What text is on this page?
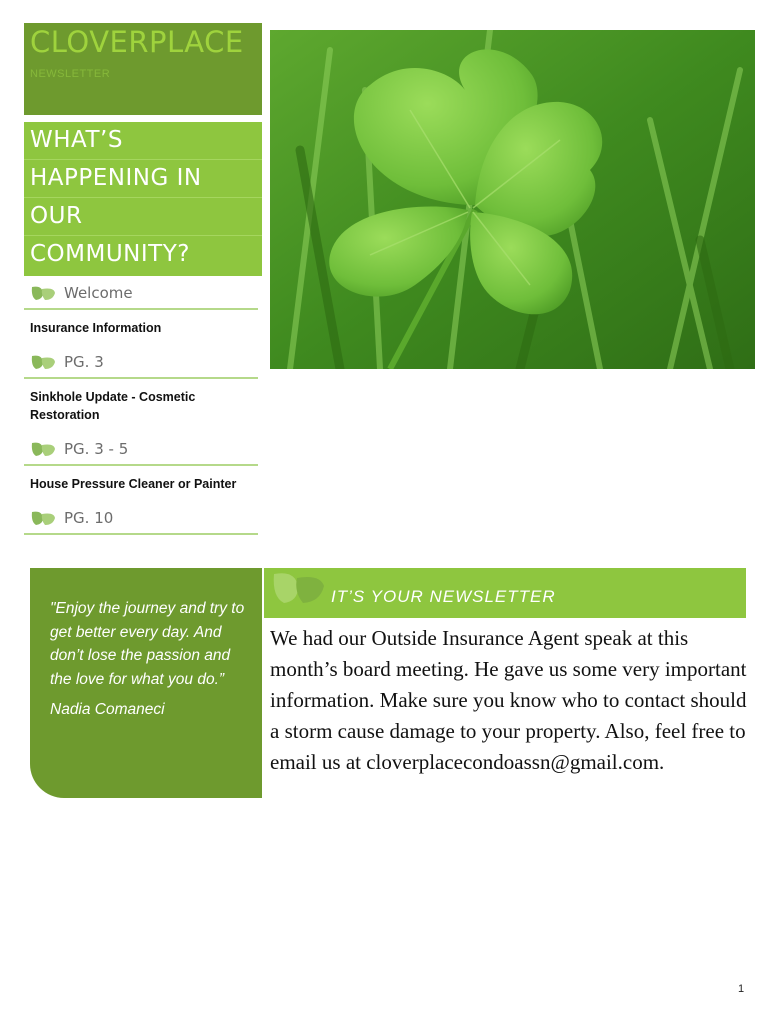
CLOVERPLACE
NEWSLETTER
WHAT’S
HAPPENING IN
OUR
COMMUNITY?
Welcome
Insurance Information
PG. 3
Sinkhole Update - Cosmetic Restoration
PG. 3 - 5
House Pressure Cleaner or Painter
PG. 10
"Enjoy the journey and try to get better every day. And don’t lose the passion and the love for what you do.”
Nadia Comaneci
IT’S YOUR NEWSLETTER
We had our Outside Insurance Agent speak at this month’s board meeting. He gave us some very important information. Make sure you know who to contact should a storm cause damage to your property. Also, feel free to email us at cloverplacecondoassn@gmail.com.
1
